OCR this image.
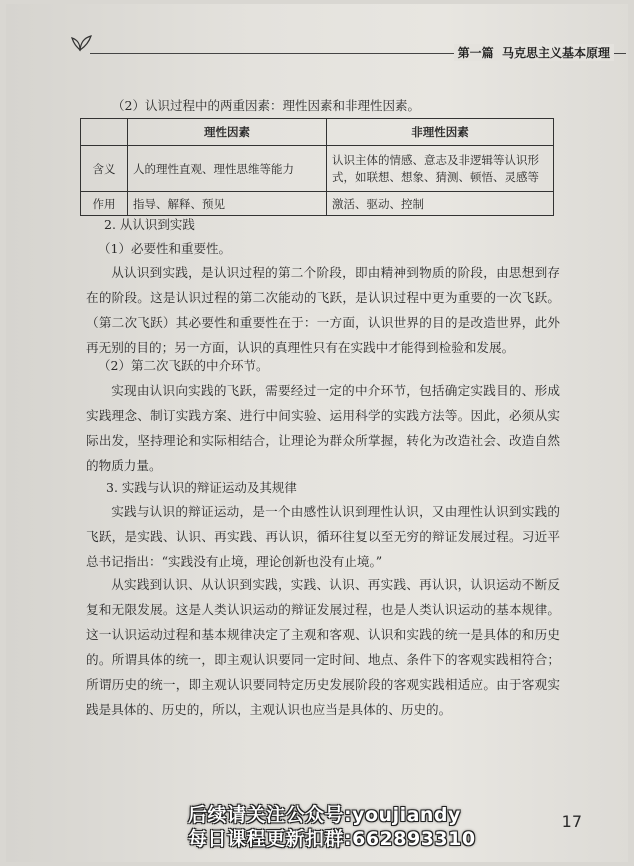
第一篇 马克思主义基本原理
（2）认识过程中的两重因素：理性因素和非理性因素。
	理性因素	非理性因素
含义	人的理性直观、理性思维等能力	认识主体的情感、意志及非逻辑等认识形式，如联想、想象、猜测、顿悟、灵感等
作用	指导、解释、预见	激活、驱动、控制
2. 从认识到实践
（1）必要性和重要性。
从认识到实践，是认识过程的第二个阶段，即由精神到物质的阶段，由思想到存在的阶段。这是认识过程的第二次能动的飞跃，是认识过程中更为重要的一次飞跃。（第二次飞跃）其必要性和重要性在于：一方面，认识世界的目的是改造世界，此外再无别的目的；另一方面，认识的真理性只有在实践中才能得到检验和发展。
（2）第二次飞跃的中介环节。
实现由认识向实践的飞跃，需要经过一定的中介环节，包括确定实践目的、形成实践理念、制订实践方案、进行中间实验、运用科学的实践方法等。因此，必须从实际出发，坚持理论和实际相结合，让理论为群众所掌握，转化为改造社会、改造自然的物质力量。
3. 实践与认识的辩证运动及其规律
实践与认识的辩证运动，是一个由感性认识到理性认识，又由理性认识到实践的飞跃，是实践、认识、再实践、再认识，循环往复以至无穷的辩证发展过程。习近平总书记指出：“实践没有止境，理论创新也没有止境。”
从实践到认识、从认识到实践，实践、认识、再实践、再认识，认识运动不断反复和无限发展。这是人类认识运动的辩证发展过程，也是人类认识运动的基本规律。这一认识运动过程和基本规律决定了主观和客观、认识和实践的统一是具体的和历史的。所谓具体的统一，即主观认识要同一定时间、地点、条件下的客观实践相符合；所谓历史的统一，即主观认识要同特定历史发展阶段的客观实践相适应。由于客观实践是具体的、历史的，所以，主观认识也应当是具体的、历史的。
17
后续请关注公众号:youjiandy
每日课程更新扣群:662893310
